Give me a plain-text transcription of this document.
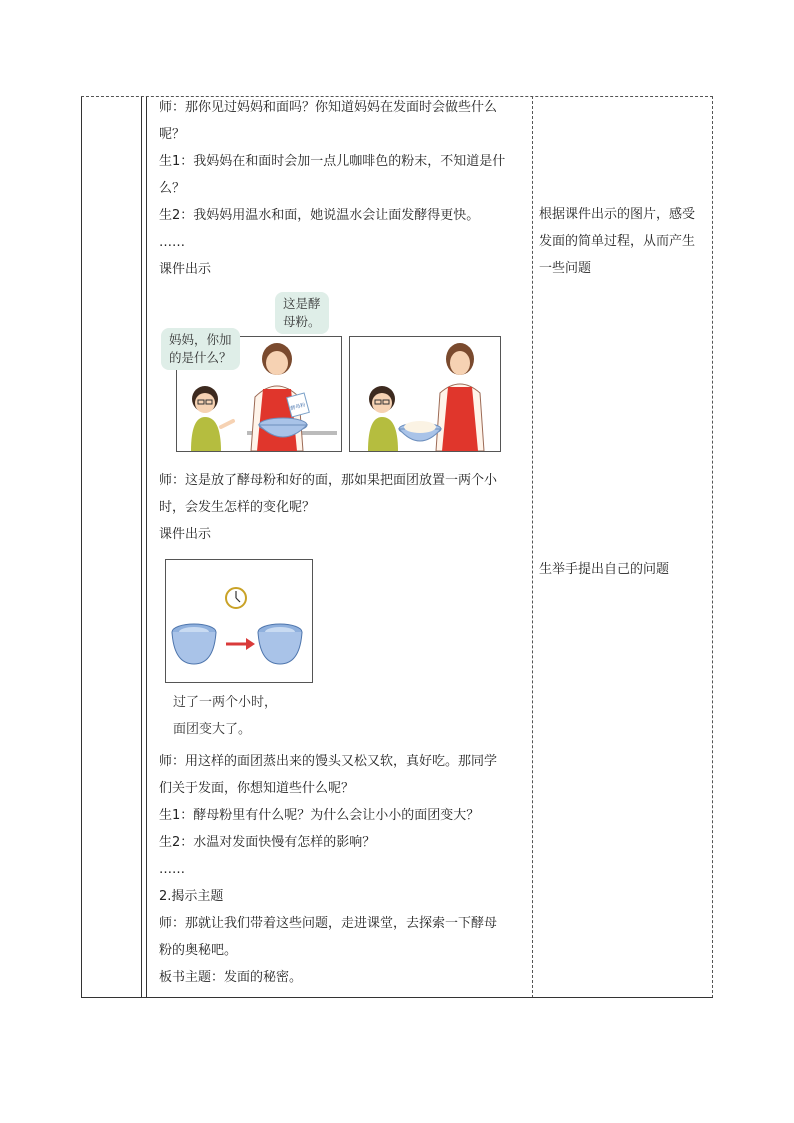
师：那你见过妈妈和面吗？你知道妈妈在发面时会做些什么
呢？
生1：我妈妈在和面时会加一点儿咖啡色的粉末，不知道是什
么？
生2：我妈妈用温水和面，她说温水会让面发酵得更快。
……
课件出示
酵母粉
妈妈，你加
的是什么？
这是酵
母粉。
师：这是放了酵母粉和好的面，那如果把面团放置一两个小
时，会发生怎样的变化呢？
课件出示
过了一两个小时，
面团变大了。
师：用这样的面团蒸出来的馒头又松又软，真好吃。那同学
们关于发面，你想知道些什么呢？
生1：酵母粉里有什么呢？为什么会让小小的面团变大？
生2：水温对发面快慢有怎样的影响？
……
2.揭示主题
师：那就让我们带着这些问题，走进课堂，去探索一下酵母
粉的奥秘吧。
板书主题：发面的秘密。
根据课件出示的图片，感受
发面的简单过程，从而产生
一些问题
生举手提出自己的问题
